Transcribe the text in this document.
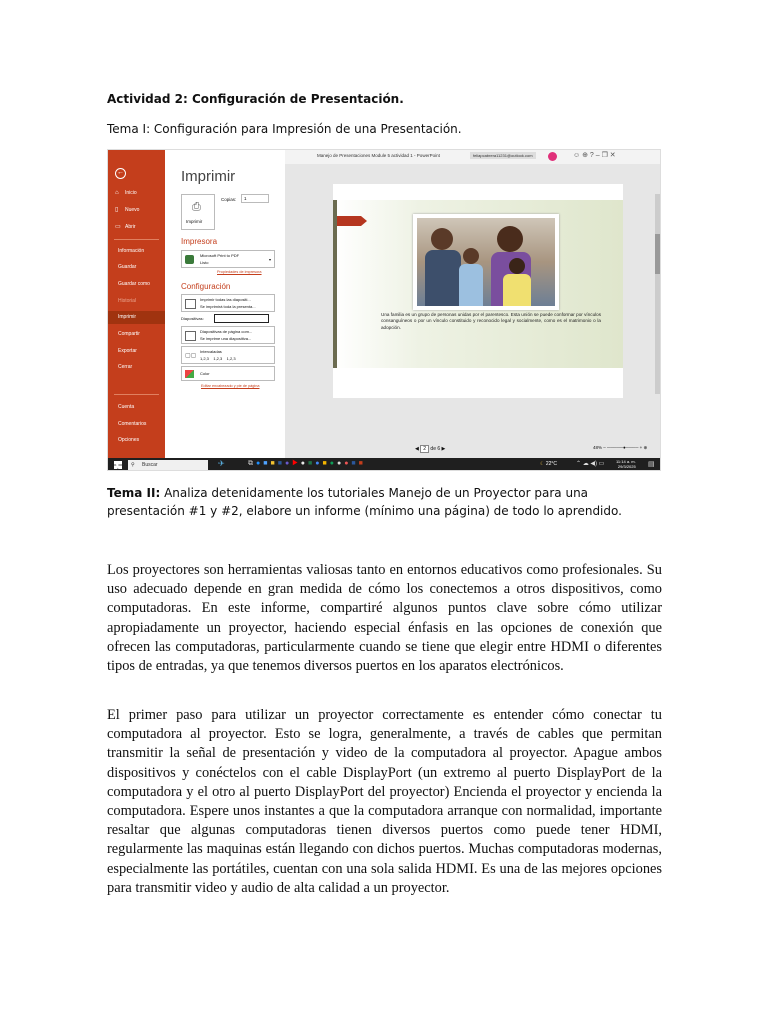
Actividad 2: Configuración de Presentación.
Tema I: Configuración para Impresión de una Presentación.
←
⌂ Inicio
▯ Nuevo
▭ Abrir
Información
Guardar
Guardar como
Historial
Imprimir
Compartir
Exportar
Cerrar
Cuenta
Comentarios
Opciones
Imprimir
⎙
Imprimir
Copias:	1
Impresora
Microsoft Print to PDF
Listo
▾
Propiedades de impresora
Configuración
Imprimir todas las diapositi...
Se imprimirá toda la presenta...
Diapositivas:
Diapositivas de página com...
Se imprime una diapositiva...
▢▢
Intercaladas
1,2,3    1,2,3    1,2,3
Color
Editar encabezado y pie de página
Manejo de Presentaciones Module 5 actividad 1 - PowerPoint	feliapcabrera11231@outlook.com	☺ ⊕ ? – ❐ ✕
Una familia es un grupo de personas unidas por el parentesco. Esta unión se puede conformar por vínculos consanguíneos o por un vínculo constituido y reconocido legal y socialmente, como es el matrimonio o la adopción.
◀ 2 de 6 ▶	48% ‒ ─────●──── + ⊕
⚲ Buscar	✈	⧉●■■■●▶●■●■●●●■■	☾ 22°C	⌃ ☁ ◀) ▭	11:14 a. m.
29/3/2025 ▤
Tema II: Analiza detenidamente los tutoriales Manejo de un Proyector para una presentación #1 y #2, elabore un informe (mínimo una página) de todo lo aprendido.
Los proyectores son herramientas valiosas tanto en entornos educativos como profesionales. Su uso adecuado depende en gran medida de cómo los conectemos a otros dispositivos, como computadoras. En este informe, compartiré algunos puntos clave sobre cómo utilizar apropiadamente un proyector, haciendo especial énfasis en las opciones de conexión que ofrecen las computadoras, particularmente cuando se tiene que elegir entre HDMI o diferentes tipos de entradas, ya que tenemos diversos puertos en los aparatos electrónicos.
El primer paso para utilizar un proyector correctamente es entender cómo conectar tu computadora al proyector. Esto se logra, generalmente, a través de cables que permitan transmitir la señal de presentación y video de la computadora al proyector. Apague ambos dispositivos y conéctelos con el cable DisplayPort (un extremo al puerto DisplayPort de la computadora y el otro al puerto DisplayPort del proyector) Encienda el proyector y encienda la computadora. Espere unos instantes a que la computadora arranque con normalidad, importante resaltar que algunas computadoras tienen diversos puertos como puede tener HDMI, regularmente las maquinas están llegando con dichos puertos. Muchas computadoras modernas, especialmente las portátiles, cuentan con una sola salida HDMI. Es una de las mejores opciones para transmitir video y audio de alta calidad a un proyector.
